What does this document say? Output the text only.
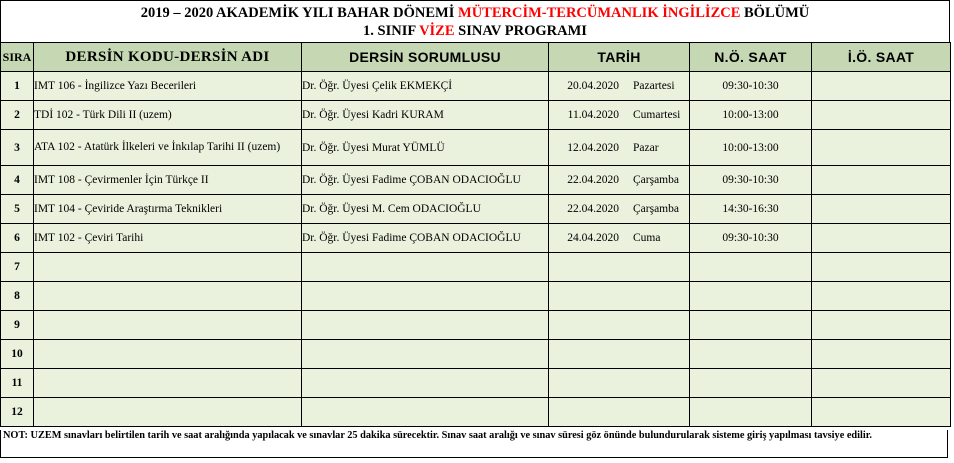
2019 – 2020 AKADEMİK YILI BAHAR DÖNEMİ MÜTERCİM-TERCÜMANLIK İNGİLİZCE BÖLÜMÜ
1. SINIF VİZE SINAV PROGRAMI
SIRA	DERSİN KODU-DERSİN ADI	DERSİN SORUMLUSU	TARİH	N.Ö. SAAT	İ.Ö. SAAT
1	IMT 106 - İngilizce Yazı Becerileri	Dr. Öğr. Üyesi Çelik EKMEKÇİ	20.04.2020 Pazartesi	09:30-10:30	
2	TDİ 102 - Türk Dili II (uzem)	Dr. Öğr. Üyesi Kadri KURAM	11.04.2020 Cumartesi	10:00-13:00	
3	ATA 102 - Atatürk İlkeleri ve İnkılap Tarihi II (uzem)	Dr. Öğr. Üyesi Murat YÜMLÜ	12.04.2020 Pazar	10:00-13:00	
4	IMT 108 - Çevirmenler İçin Türkçe II	Dr. Öğr. Üyesi Fadime ÇOBAN ODACIOĞLU	22.04.2020 Çarşamba	09:30-10:30	
5	IMT 104 - Çeviride Araştırma Teknikleri	Dr. Öğr. Üyesi M. Cem ODACIOĞLU	22.04.2020 Çarşamba	14:30-16:30	
6	IMT 102 - Çeviri Tarihi	Dr. Öğr. Üyesi Fadime ÇOBAN ODACIOĞLU	24.04.2020 Cuma	09:30-10:30	
7					
8					
9					
10					
11					
12					
NOT: UZEM sınavları belirtilen tarih ve saat aralığında yapılacak ve sınavlar 25 dakika sürecektir. Sınav saat aralığı ve sınav süresi göz önünde bulundurularak sisteme giriş yapılması tavsiye edilir.
